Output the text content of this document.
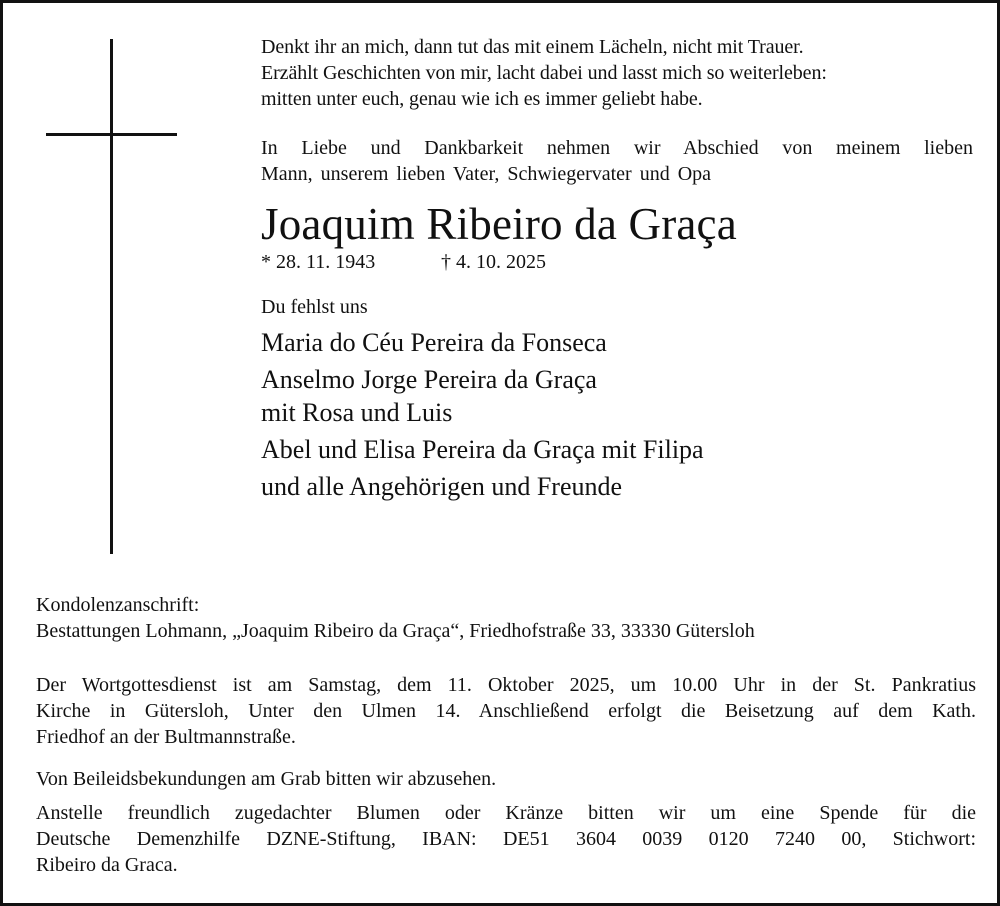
Denkt ihr an mich, dann tut das mit einem Lächeln, nicht mit Trauer.
Erzählt Geschichten von mir, lacht dabei und lasst mich so weiterleben:
mitten unter euch, genau wie ich es immer geliebt habe.
In Liebe und Dankbarkeit nehmen wir Abschied von meinem lieben
Mann, unserem lieben Vater, Schwiegervater und Opa
Joaquim Ribeiro da Graça
* 28. 11. 1943	† 4. 10. 2025
Du fehlst uns
Maria do Céu Pereira da Fonseca
Anselmo Jorge Pereira da Graça
mit Rosa und Luis
Abel und Elisa Pereira da Graça mit Filipa
und alle Angehörigen und Freunde
Kondolenzanschrift:
Bestattungen Lohmann, „Joaquim Ribeiro da Graça“, Friedhofstraße 33, 33330 Gütersloh
Der Wortgottesdienst ist am Samstag, dem 11. Oktober 2025, um 10.00 Uhr in der St. Pankratius
Kirche in Gütersloh, Unter den Ulmen 14. Anschließend erfolgt die Beisetzung auf dem Kath.
Friedhof an der Bultmannstraße.
Von Beileidsbekundungen am Grab bitten wir abzusehen.
Anstelle freundlich zugedachter Blumen oder Kränze bitten wir um eine Spende für die
Deutsche Demenzhilfe DZNE-Stiftung, IBAN: DE51 3604 0039 0120 7240 00, Stichwort:
Ribeiro da Graca.
